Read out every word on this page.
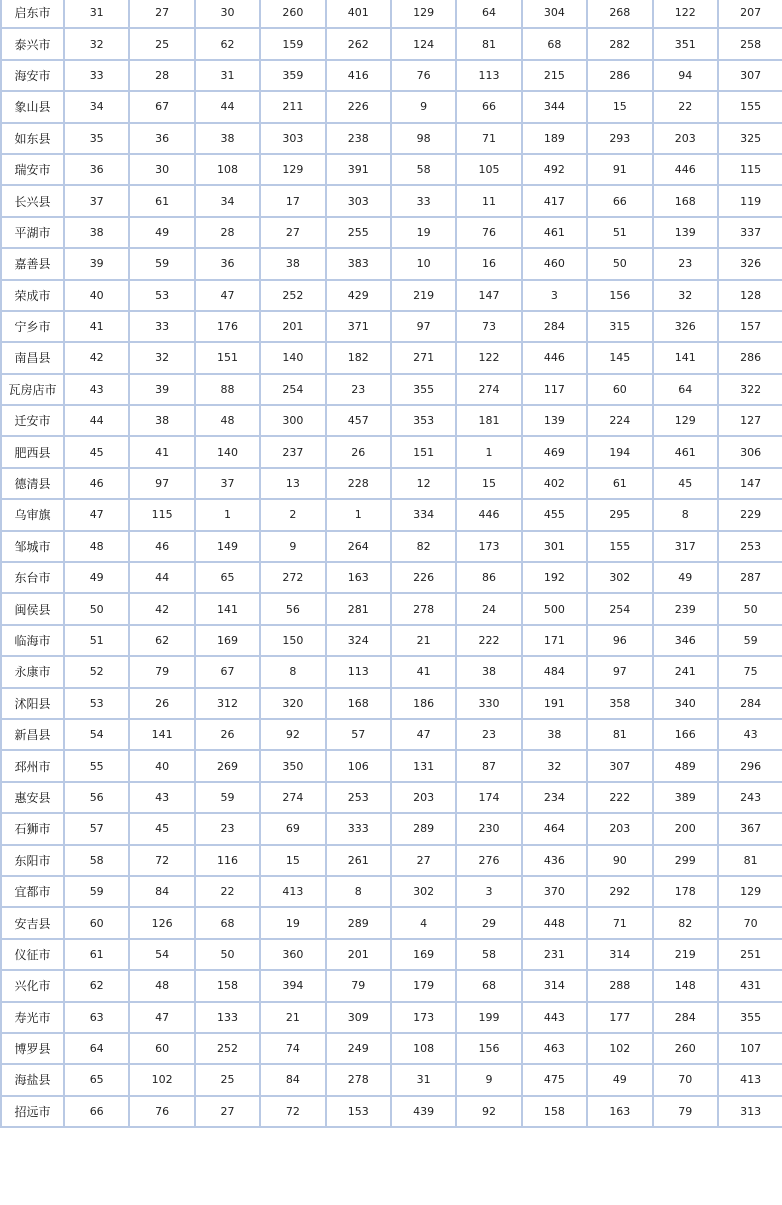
启东市	31	27	30	260	401	129	64	304	268	122	207
泰兴市	32	25	62	159	262	124	81	68	282	351	258
海安市	33	28	31	359	416	76	113	215	286	94	307
象山县	34	67	44	211	226	9	66	344	15	22	155
如东县	35	36	38	303	238	98	71	189	293	203	325
瑞安市	36	30	108	129	391	58	105	492	91	446	115
长兴县	37	61	34	17	303	33	11	417	66	168	119
平湖市	38	49	28	27	255	19	76	461	51	139	337
嘉善县	39	59	36	38	383	10	16	460	50	23	326
荣成市	40	53	47	252	429	219	147	3	156	32	128
宁乡市	41	33	176	201	371	97	73	284	315	326	157
南昌县	42	32	151	140	182	271	122	446	145	141	286
瓦房店市	43	39	88	254	23	355	274	117	60	64	322
迁安市	44	38	48	300	457	353	181	139	224	129	127
肥西县	45	41	140	237	26	151	1	469	194	461	306
德清县	46	97	37	13	228	12	15	402	61	45	147
乌审旗	47	115	1	2	1	334	446	455	295	8	229
邹城市	48	46	149	9	264	82	173	301	155	317	253
东台市	49	44	65	272	163	226	86	192	302	49	287
闽侯县	50	42	141	56	281	278	24	500	254	239	50
临海市	51	62	169	150	324	21	222	171	96	346	59
永康市	52	79	67	8	113	41	38	484	97	241	75
沭阳县	53	26	312	320	168	186	330	191	358	340	284
新昌县	54	141	26	92	57	47	23	38	81	166	43
邳州市	55	40	269	350	106	131	87	32	307	489	296
惠安县	56	43	59	274	253	203	174	234	222	389	243
石狮市	57	45	23	69	333	289	230	464	203	200	367
东阳市	58	72	116	15	261	27	276	436	90	299	81
宜都市	59	84	22	413	8	302	3	370	292	178	129
安吉县	60	126	68	19	289	4	29	448	71	82	70
仪征市	61	54	50	360	201	169	58	231	314	219	251
兴化市	62	48	158	394	79	179	68	314	288	148	431
寿光市	63	47	133	21	309	173	199	443	177	284	355
博罗县	64	60	252	74	249	108	156	463	102	260	107
海盐县	65	102	25	84	278	31	9	475	49	70	413
招远市	66	76	27	72	153	439	92	158	163	79	313
